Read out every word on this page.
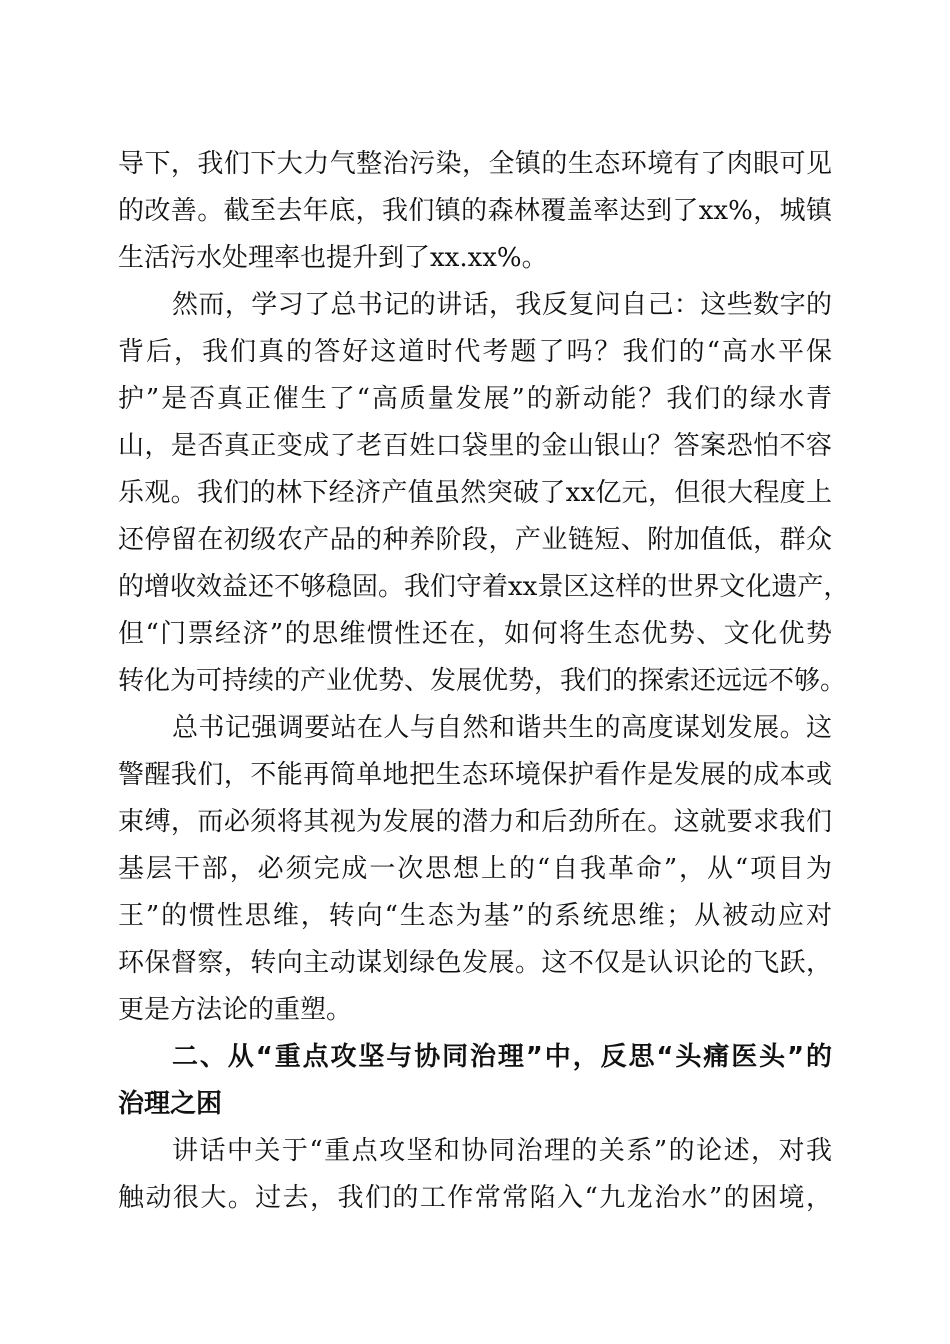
导下，我们下大力气整治污染，全镇的生态环境有了肉眼可见
的改善。截至去年底，我们镇的森林覆盖率达到了xx%，城镇
生活污水处理率也提升到了xx.xx%。
然而，学习了总书记的讲话，我反复问自己：这些数字的
背后，我们真的答好这道时代考题了吗？我们的“高水平保
护”是否真正催生了“高质量发展”的新动能？我们的绿水青
山，是否真正变成了老百姓口袋里的金山银山？答案恐怕不容
乐观。我们的林下经济产值虽然突破了xx亿元，但很大程度上
还停留在初级农产品的种养阶段，产业链短、附加值低，群众
的增收效益还不够稳固。我们守着xx景区这样的世界文化遗产，
但“门票经济”的思维惯性还在，如何将生态优势、文化优势
转化为可持续的产业优势、发展优势，我们的探索还远远不够。
总书记强调要站在人与自然和谐共生的高度谋划发展。这
警醒我们，不能再简单地把生态环境保护看作是发展的成本或
束缚，而必须将其视为发展的潜力和后劲所在。这就要求我们
基层干部，必须完成一次思想上的“自我革命”，从“项目为
王”的惯性思维，转向“生态为基”的系统思维；从被动应对
环保督察，转向主动谋划绿色发展。这不仅是认识论的飞跃，
更是方法论的重塑。
二、从“重点攻坚与协同治理”中，反思“头痛医头”的
治理之困
讲话中关于“重点攻坚和协同治理的关系”的论述，对我
触动很大。过去，我们的工作常常陷入“九龙治水”的困境，
